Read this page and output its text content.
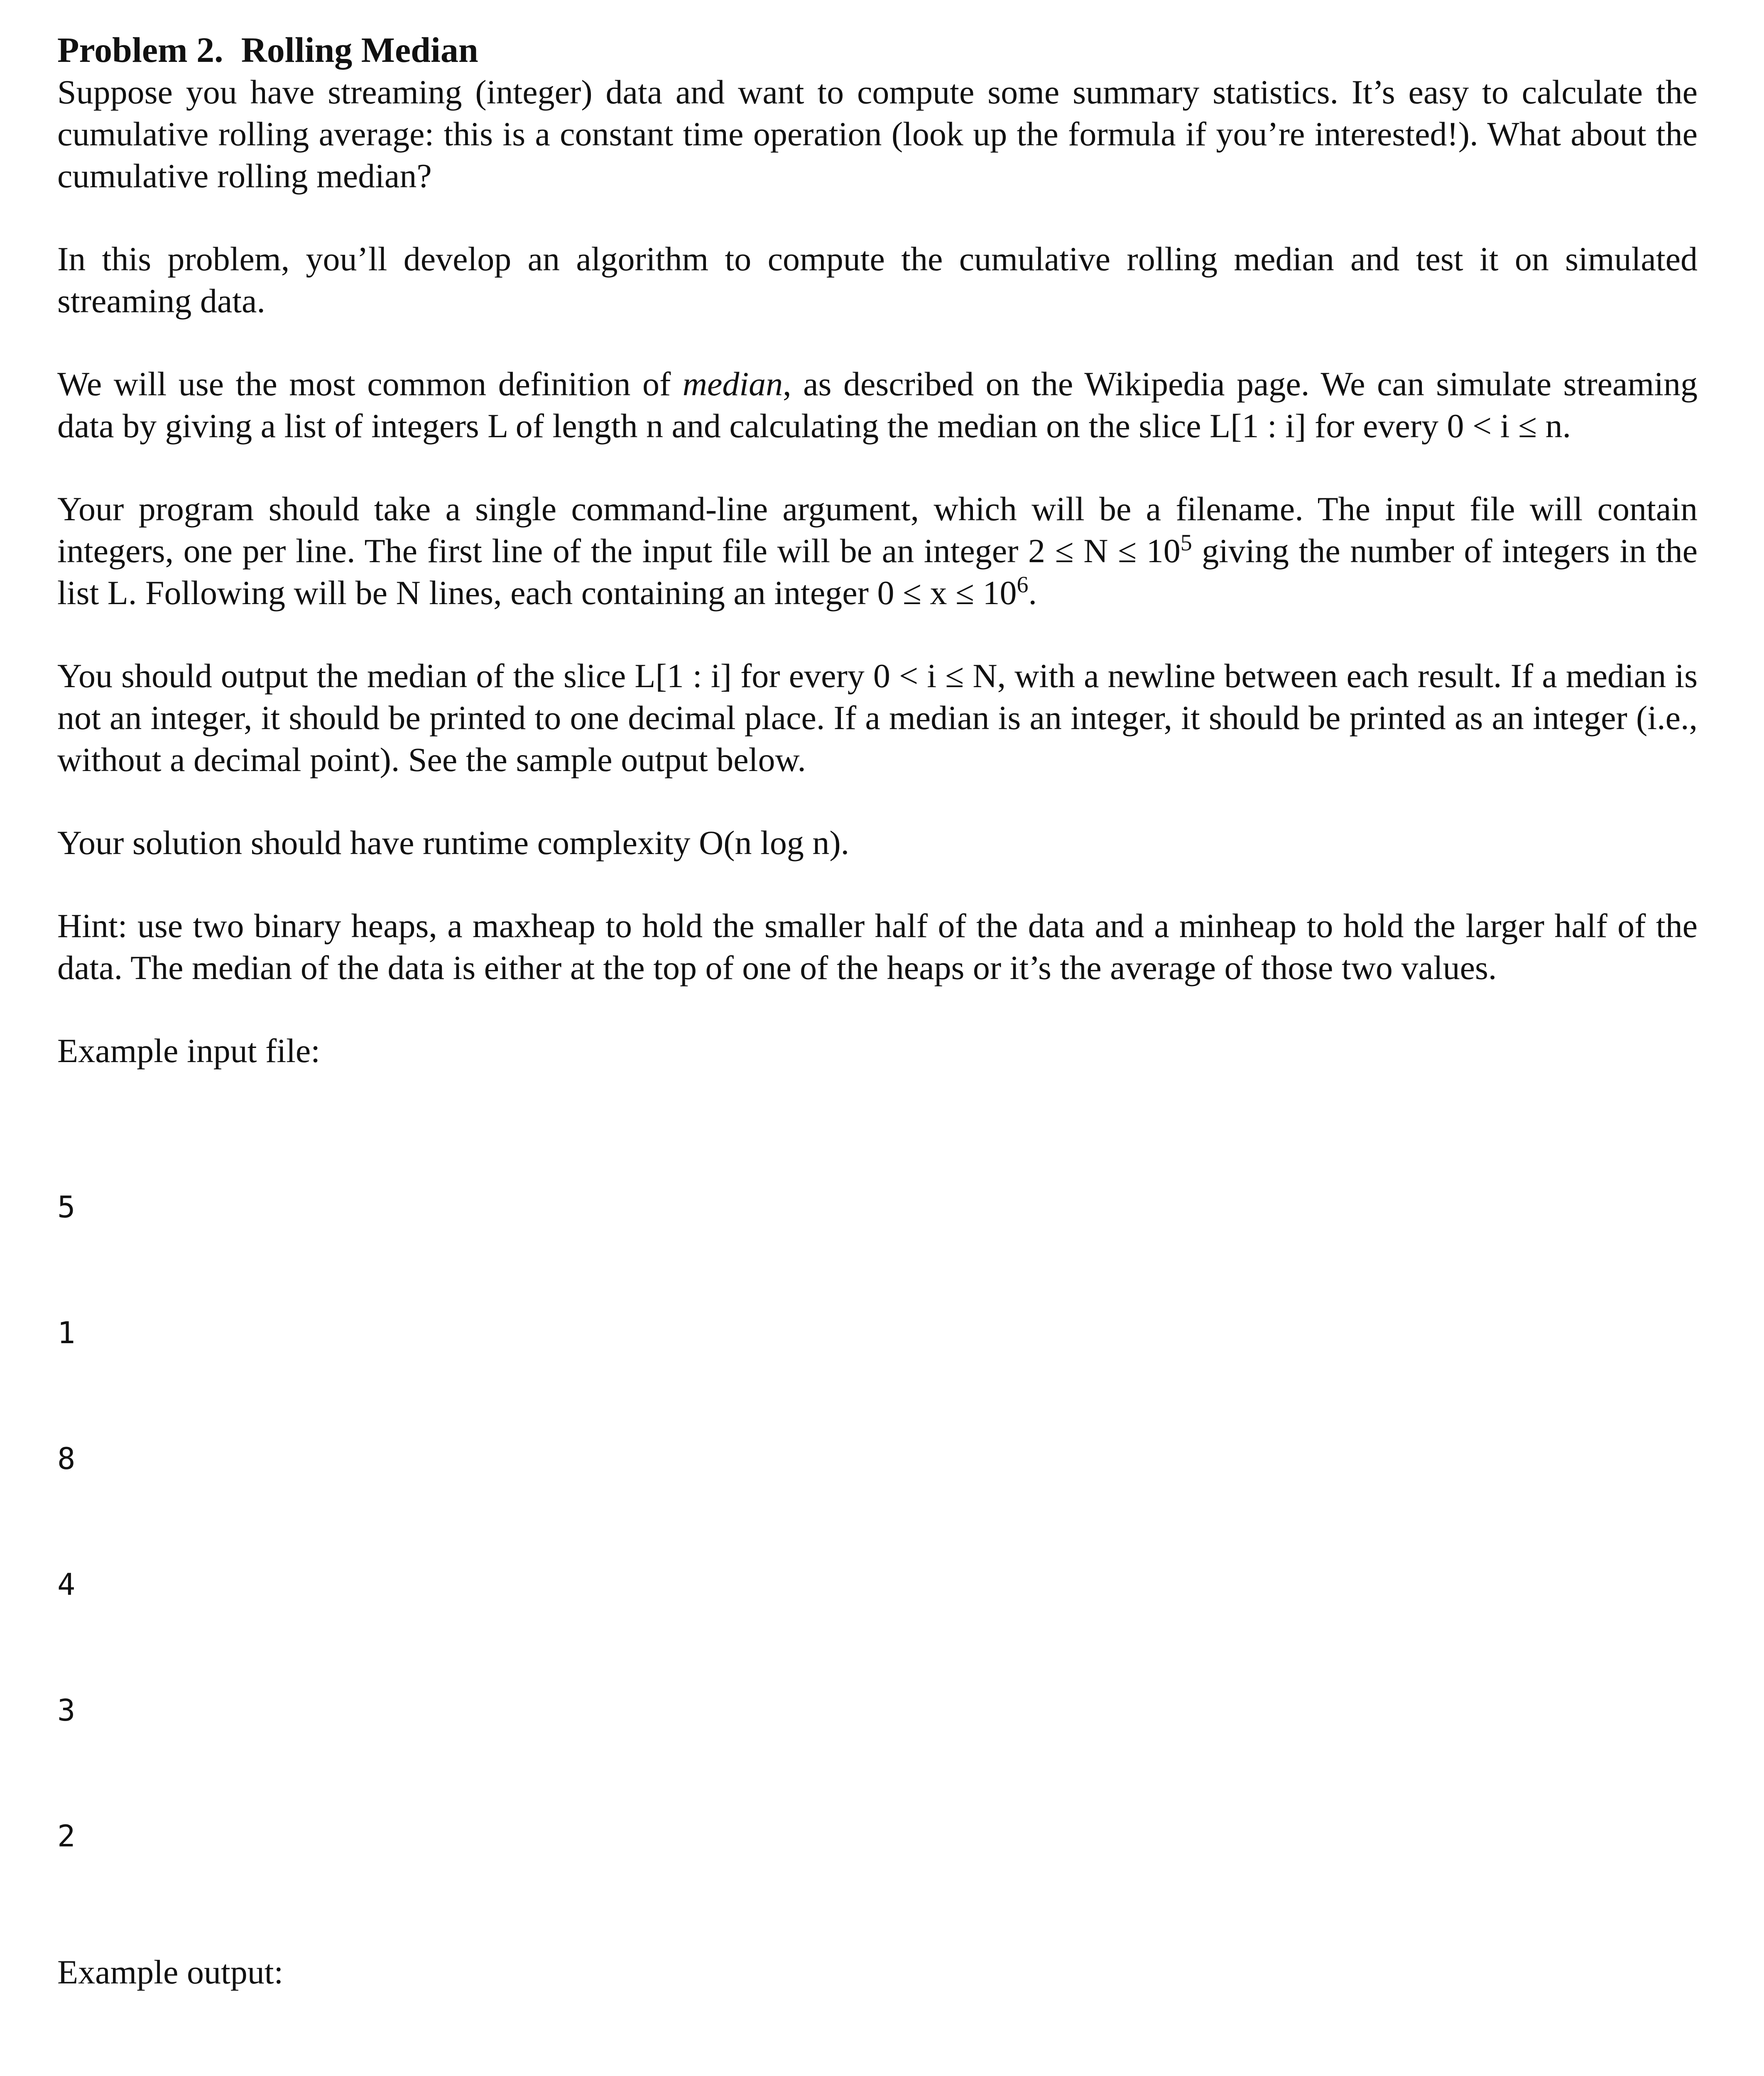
Problem 2. Rolling Median

Suppose you have streaming (integer) data and want to compute some summary statistics. It’s easy to calculate the cumulative rolling average: this is a constant time operation (look up the formula if you’re interested!). What about the cumulative rolling median?

In this problem, you’ll develop an algorithm to compute the cumulative rolling median and test it on simulated streaming data.

We will use the most common definition of median, as described on the Wikipedia page. We can simulate streaming data by giving a list of integers L of length n and calculating the median on the slice L[1 : i] for every 0 < i ≤ n.

Your program should take a single command-line argument, which will be a filename. The input file will contain integers, one per line. The first line of the input file will be an integer $2 \le N \le 10^5$ giving the number of integers in the list L. Following will be N lines, each containing an integer $0 \le x \le 10^6$.

You should output the median of the slice L[1 : i] for every 0 < i ≤ N, with a newline between each result. If a median is not an integer, it should be printed to one decimal place. If a median is an integer, it should be printed as an integer (i.e., without a decimal point). See the sample output below.

Your solution should have runtime complexity O(n log n).

Hint: use two binary heaps, a maxheap to hold the smaller half of the data and a minheap to hold the larger half of the data. The median of the data is either at the top of one of the heaps or it’s the average of those two values.

Example input file:

5

1

8

4

3

2

Example output:
